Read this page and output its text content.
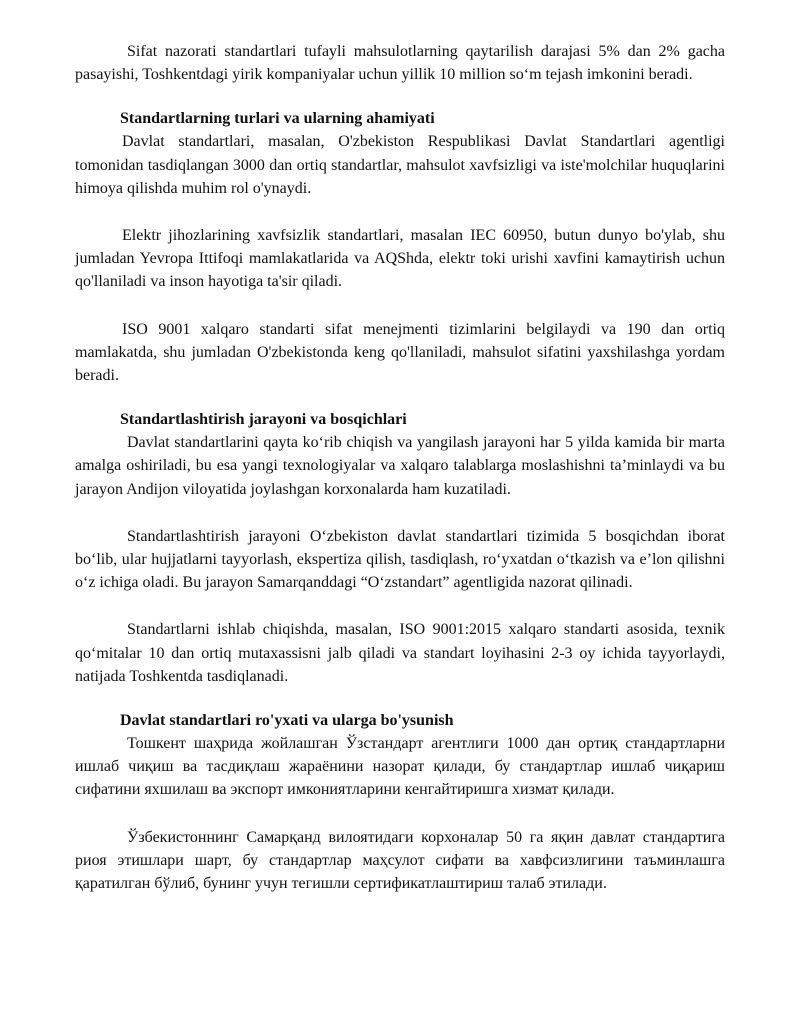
Sifat nazorati standartlari tufayli mahsulotlarning qaytarilish darajasi 5% dan 2% gacha pasayishi, Toshkentdagi yirik kompaniyalar uchun yillik 10 million so‘m tejash imkonini beradi.

Standartlarning turlari va ularning ahamiyati

Davlat standartlari, masalan, O'zbekiston Respublikasi Davlat Standartlari agentligi tomonidan tasdiqlangan 3000 dan ortiq standartlar, mahsulot xavfsizligi va iste'molchilar huquqlarini himoya qilishda muhim rol o'ynaydi.

Elektr jihozlarining xavfsizlik standartlari, masalan IEC 60950, butun dunyo bo'ylab, shu jumladan Yevropa Ittifoqi mamlakatlarida va AQShda, elektr toki urishi xavfini kamaytirish uchun qo'llaniladi va inson hayotiga ta'sir qiladi.

ISO 9001 xalqaro standarti sifat menejmenti tizimlarini belgilaydi va 190 dan ortiq mamlakatda, shu jumladan O'zbekistonda keng qo'llaniladi, mahsulot sifatini yaxshilashga yordam beradi.

Standartlashtirish jarayoni va bosqichlari

Davlat standartlarini qayta ko‘rib chiqish va yangilash jarayoni har 5 yilda kamida bir marta amalga oshiriladi, bu esa yangi texnologiyalar va xalqaro talablarga moslashishni ta’minlaydi va bu jarayon Andijon viloyatida joylashgan korxonalarda ham kuzatiladi.

Standartlashtirish jarayoni O‘zbekiston davlat standartlari tizimida 5 bosqichdan iborat bo‘lib, ular hujjatlarni tayyorlash, ekspertiza qilish, tasdiqlash, ro‘yxatdan o‘tkazish va e’lon qilishni o‘z ichiga oladi. Bu jarayon Samarqanddagi “O‘zstandart” agentligida nazorat qilinadi.

Standartlarni ishlab chiqishda, masalan, ISO 9001:2015 xalqaro standarti asosida, texnik qo‘mitalar 10 dan ortiq mutaxassisni jalb qiladi va standart loyihasini 2-3 oy ichida tayyorlaydi, natijada Toshkentda tasdiqlanadi.

Davlat standartlari ro'yxati va ularga bo'ysunish

Тошкент шаҳрида жойлашган Ўзстандарт агентлиги 1000 дан ортиқ стандартларни ишлаб чиқиш ва тасдиқлаш жараёнини назорат қилади, бу стандартлар ишлаб чиқариш сифатини яхшилаш ва экспорт имкониятларини кенгайтиришга хизмат қилади.

Ўзбекистоннинг Самарқанд вилоятидаги корхоналар 50 га яқин давлат стандартига риоя этишлари шарт, бу стандартлар маҳсулот сифати ва хавфсизлигини таъминлашга қаратилган бўлиб, бунинг учун тегишли сертификатлаштириш талаб этилади.
